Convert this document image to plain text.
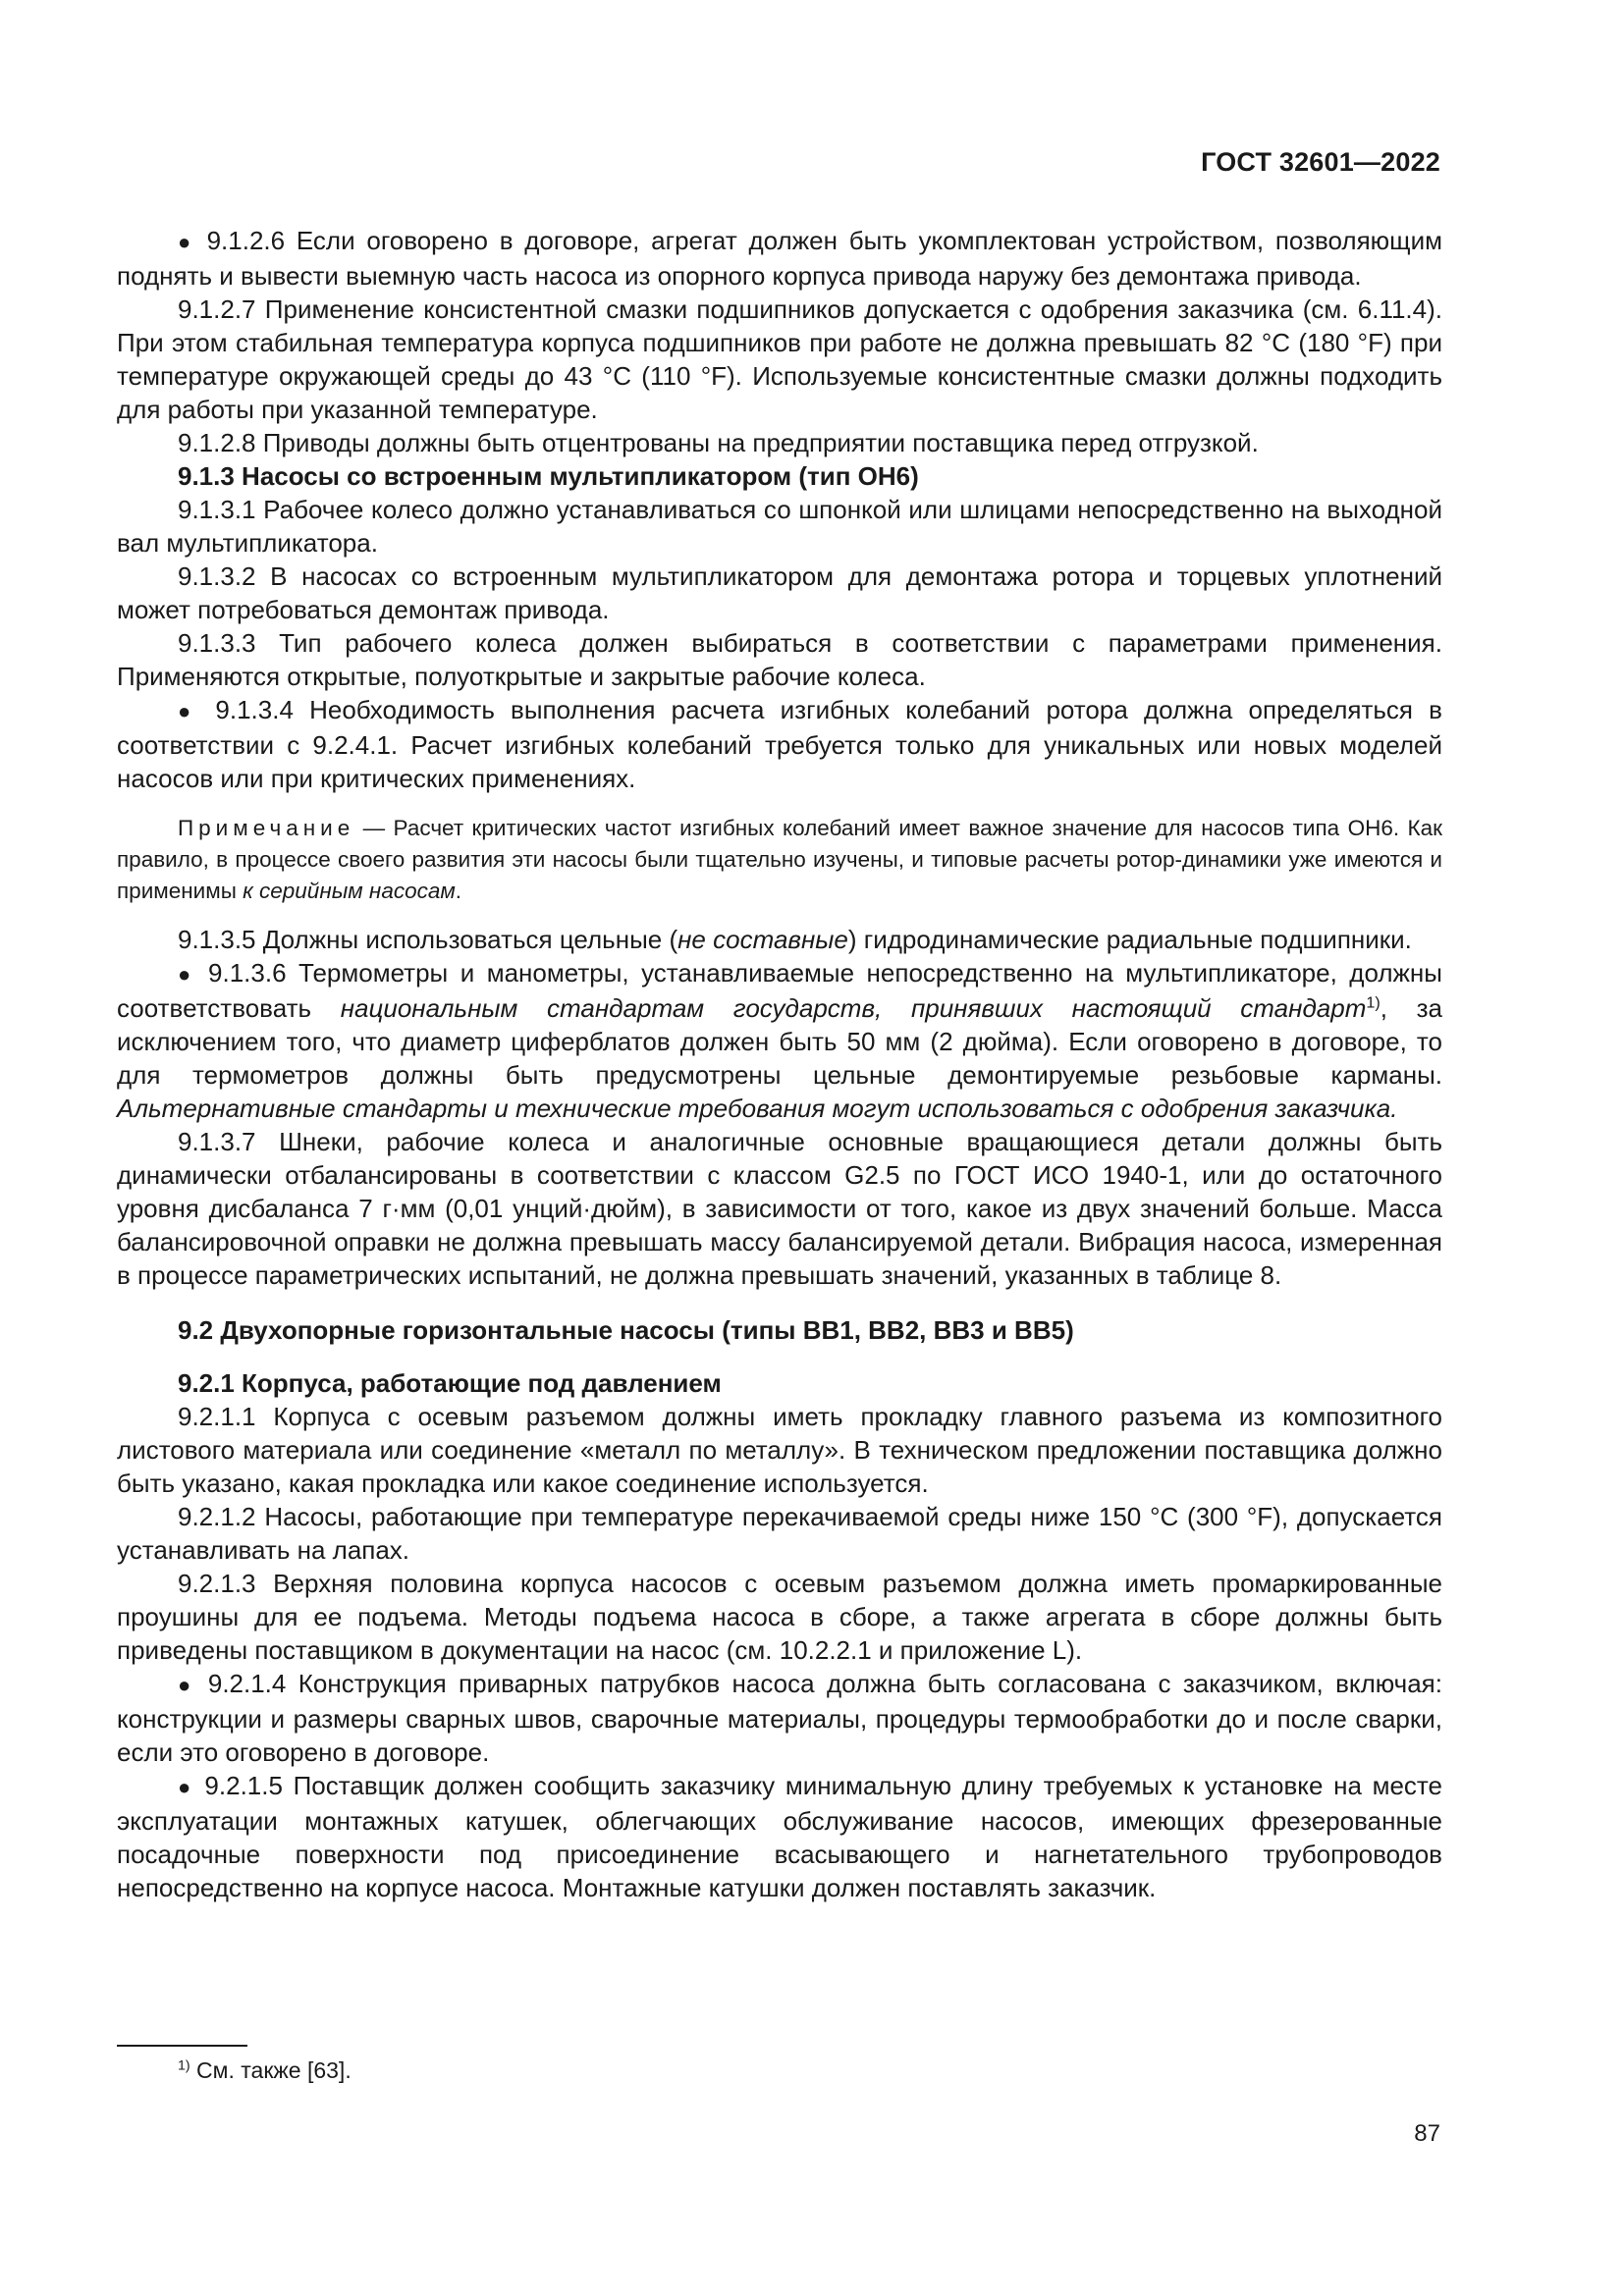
ГОСТ 32601—2022

● 9.1.2.6 Если оговорено в договоре, агрегат должен быть укомплектован устройством, позволяющим поднять и вывести выемную часть насоса из опорного корпуса привода наружу без демонтажа привода.

9.1.2.7 Применение консистентной смазки подшипников допускается с одобрения заказчика (см. 6.11.4). При этом стабильная температура корпуса подшипников при работе не должна превышать 82 °C (180 °F) при температуре окружающей среды до 43 °C (110 °F). Используемые консистентные смазки должны подходить для работы при указанной температуре.

9.1.2.8 Приводы должны быть отцентрованы на предприятии поставщика перед отгрузкой.

9.1.3 Насосы со встроенным мультипликатором (тип OH6)

9.1.3.1 Рабочее колесо должно устанавливаться со шпонкой или шлицами непосредственно на выходной вал мультипликатора.

9.1.3.2 В насосах со встроенным мультипликатором для демонтажа ротора и торцевых уплотнений может потребоваться демонтаж привода.

9.1.3.3 Тип рабочего колеса должен выбираться в соответствии с параметрами применения. Применяются открытые, полуоткрытые и закрытые рабочие колеса.

● 9.1.3.4 Необходимость выполнения расчета изгибных колебаний ротора должна определяться в соответствии с 9.2.4.1. Расчет изгибных колебаний требуется только для уникальных или новых моделей насосов или при критических применениях.

Примечание — Расчет критических частот изгибных колебаний имеет важное значение для насосов типа OH6. Как правило, в процессе своего развития эти насосы были тщательно изучены, и типовые расчеты ротор-динамики уже имеются и применимы к серийным насосам.

9.1.3.5 Должны использоваться цельные (не составные) гидродинамические радиальные подшипники.

● 9.1.3.6 Термометры и манометры, устанавливаемые непосредственно на мультипликаторе, должны соответствовать национальным стандартам государств, принявших настоящий стандарт$^{1)}$, за исключением того, что диаметр циферблатов должен быть 50 мм (2 дюйма). Если оговорено в договоре, то для термометров должны быть предусмотрены цельные демонтируемые резьбовые карманы. Альтернативные стандарты и технические требования могут использоваться с одобрения заказчика.

9.1.3.7 Шнеки, рабочие колеса и аналогичные основные вращающиеся детали должны быть динамически отбалансированы в соответствии с классом G2.5 по ГОСТ ИСО 1940-1, или до остаточного уровня дисбаланса 7 г·мм (0,01 унций·дюйм), в зависимости от того, какое из двух значений больше. Масса балансировочной оправки не должна превышать массу балансируемой детали. Вибрация насоса, измеренная в процессе параметрических испытаний, не должна превышать значений, указанных в таблице 8.

9.2 Двухопорные горизонтальные насосы (типы BB1, BB2, BB3 и BB5)
9.2.1 Корпуса, работающие под давлением

9.2.1.1 Корпуса с осевым разъемом должны иметь прокладку главного разъема из композитного листового материала или соединение «металл по металлу». В техническом предложении поставщика должно быть указано, какая прокладка или какое соединение используется.

9.2.1.2 Насосы, работающие при температуре перекачиваемой среды ниже 150 °C (300 °F), допускается устанавливать на лапах.

9.2.1.3 Верхняя половина корпуса насосов с осевым разъемом должна иметь промаркированные проушины для ее подъема. Методы подъема насоса в сборе, а также агрегата в сборе должны быть приведены поставщиком в документации на насос (см. 10.2.2.1 и приложение L).

● 9.2.1.4 Конструкция приварных патрубков насоса должна быть согласована с заказчиком, включая: конструкции и размеры сварных швов, сварочные материалы, процедуры термообработки до и после сварки, если это оговорено в договоре.

● 9.2.1.5 Поставщик должен сообщить заказчику минимальную длину требуемых к установке на месте эксплуатации монтажных катушек, облегчающих обслуживание насосов, имеющих фрезерованные посадочные поверхности под присоединение всасывающего и нагнетательного трубопроводов непосредственно на корпусе насоса. Монтажные катушки должен поставлять заказчик.

$^{1)}$ См. также [63].
87
